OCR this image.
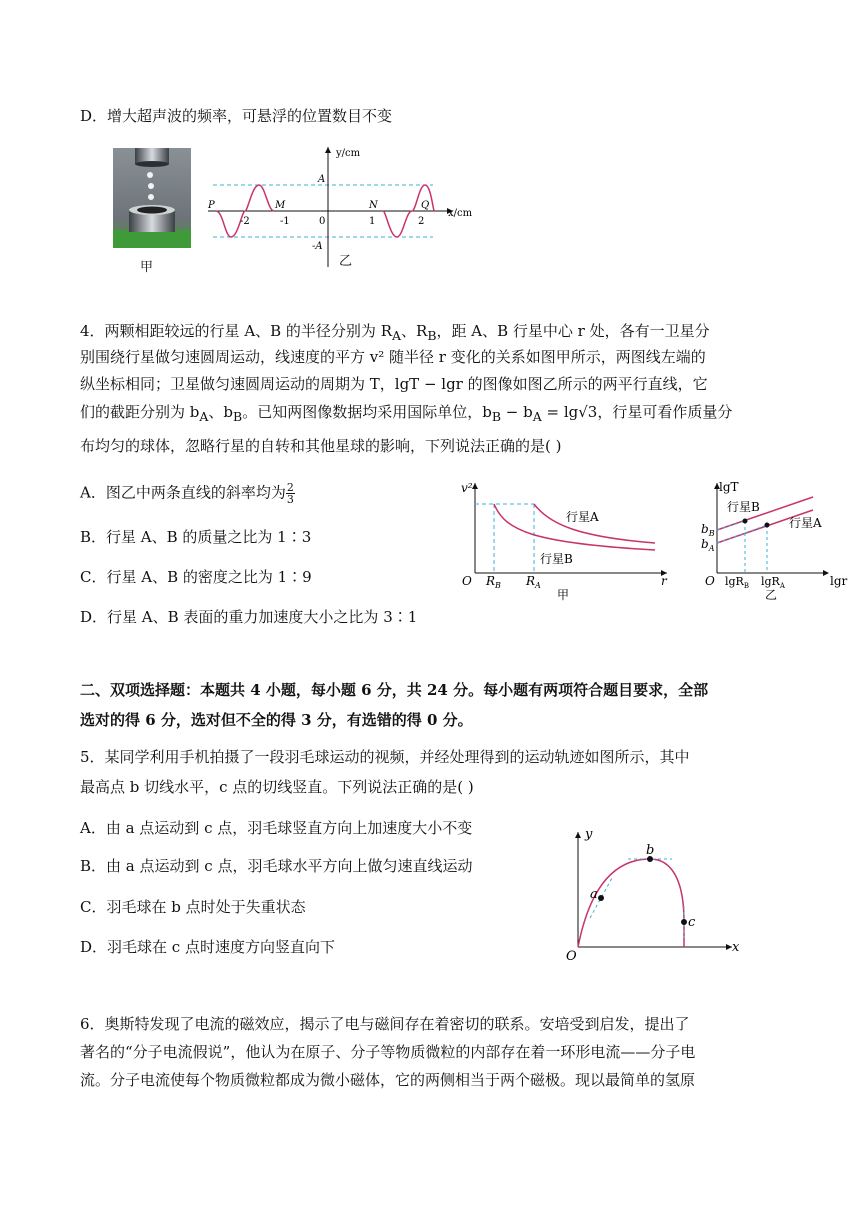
D．增大超声波的频率，可悬浮的位置数目不变
甲
P	M	N	Q
-2	-1	0	1	2
A
-A
y/cm
x/cm
乙
4．两颗相距较远的行星 A、B 的半径分别为 $R_A$、$R_B$，距 A、B 行星中心 r 处，各有一卫星分
别围绕行星做匀速圆周运动，线速度的平方 v² 随半径 r 变化的关系如图甲所示，两图线左端的
纵坐标相同；卫星做匀速圆周运动的周期为 T，lgT − lgr 的图像如图乙所示的两平行直线，它
们的截距分别为 $b_A$、$b_B$。已知两图像数据均采用国际单位，$b_B - b_A = \lg√3$，行星可看作质量分
布均匀的球体，忽略行星的自转和其他星球的影响，下列说法正确的是( )
A．图乙中两条直线的斜率均为 $\frac{2}{3}$
B．行星 A、B 的质量之比为 1∶3
C．行星 A、B 的密度之比为 1∶9
D．行星 A、B 表面的重力加速度大小之比为 3∶1
v²
O	r
$R_B$ $R_A$
行星A
行星B
甲
lgT
O	lgr
$b_B$
$b_A$
lgR$_B$ lgR$_A$
行星B
行星A
乙
二、双项选择题：本题共 4 小题，每小题 6 分，共 24 分。每小题有两项符合题目要求，全部
选对的得 6 分，选对但不全的得 3 分，有选错的得 0 分。
5．某同学利用手机拍摄了一段羽毛球运动的视频，并经处理得到的运动轨迹如图所示，其中
最高点 b 切线水平，c 点的切线竖直。下列说法正确的是( )
A．由 a 点运动到 c 点，羽毛球竖直方向上加速度大小不变
B．由 a 点运动到 c 点，羽毛球水平方向上做匀速直线运动
C．羽毛球在 b 点时处于失重状态
D．羽毛球在 c 点时速度方向竖直向下
y
x
O
a
b
c
6．奥斯特发现了电流的磁效应，揭示了电与磁间存在着密切的联系。安培受到启发，提出了
著名的“分子电流假说”，他认为在原子、分子等物质微粒的内部存在着一环形电流——分子电
流。分子电流使每个物质微粒都成为微小磁体，它的两侧相当于两个磁极。现以最简单的氢原
